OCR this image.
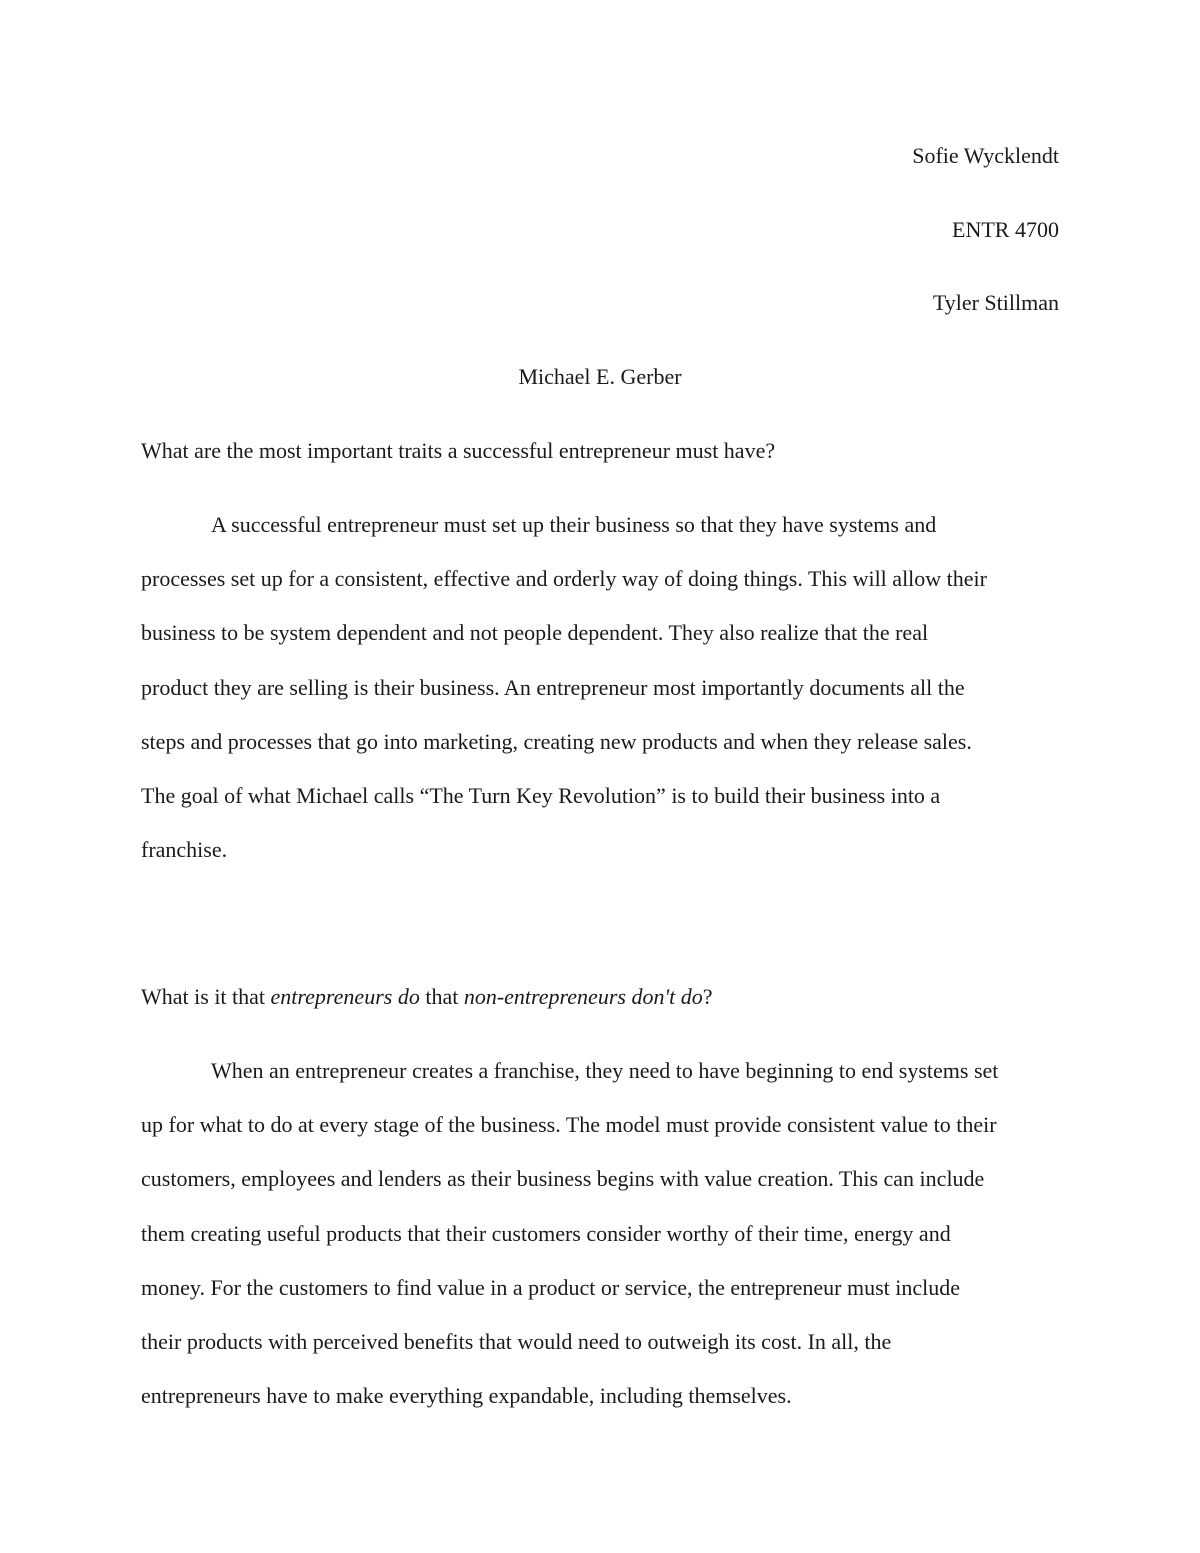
Sofie Wycklendt
ENTR 4700
Tyler Stillman
Michael E. Gerber
What are the most important traits a successful entrepreneur must have?
A successful entrepreneur must set up their business so that they have systems and
processes set up for a consistent, effective and orderly way of doing things. This will allow their
business to be system dependent and not people dependent. They also realize that the real
product they are selling is their business. An entrepreneur most importantly documents all the
steps and processes that go into marketing, creating new products and when they release sales.
The goal of what Michael calls “The Turn Key Revolution” is to build their business into a
franchise.
What is it that entrepreneurs do that non-entrepreneurs don't do?
When an entrepreneur creates a franchise, they need to have beginning to end systems set
up for what to do at every stage of the business. The model must provide consistent value to their
customers, employees and lenders as their business begins with value creation. This can include
them creating useful products that their customers consider worthy of their time, energy and
money. For the customers to find value in a product or service, the entrepreneur must include
their products with perceived benefits that would need to outweigh its cost. In all, the
entrepreneurs have to make everything expandable, including themselves.
